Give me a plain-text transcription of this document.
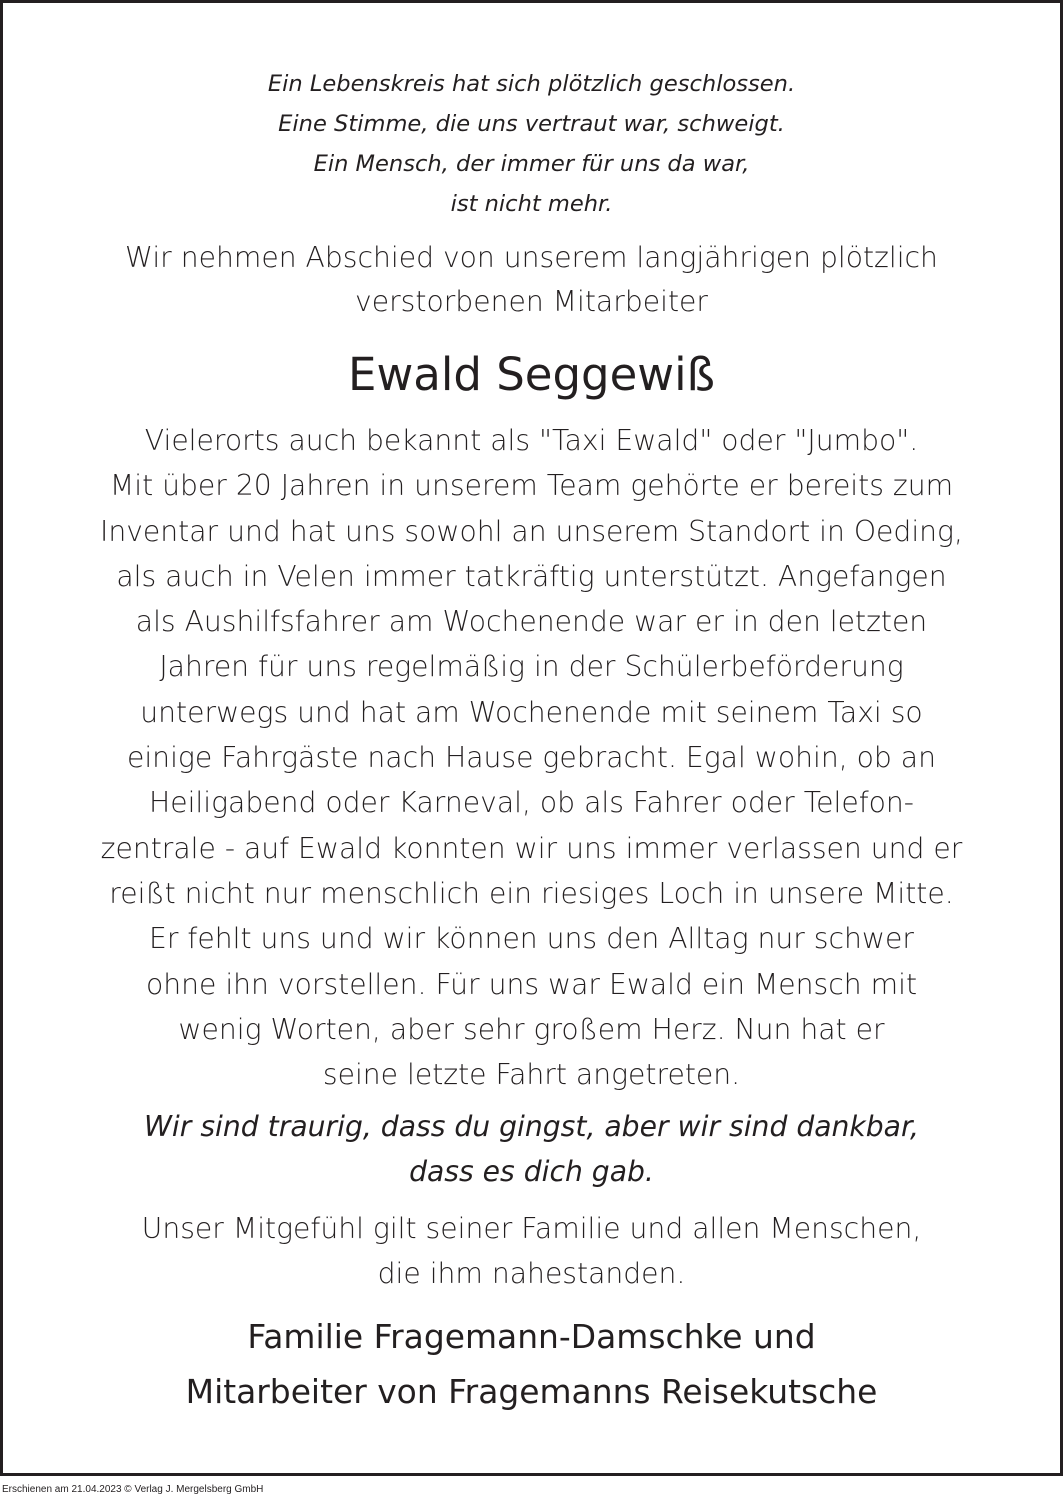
Ein Lebenskreis hat sich plötzlich geschlossen.
Eine Stimme, die uns vertraut war, schweigt.
Ein Mensch, der immer für uns da war,
ist nicht mehr.

Wir nehmen Abschied von unserem langjährigen plötzlich
verstorbenen Mitarbeiter

Ewald Seggewiß

Vielerorts auch bekannt als "Taxi Ewald" oder "Jumbo".
Mit über 20 Jahren in unserem Team gehörte er bereits zum
Inventar und hat uns sowohl an unserem Standort in Oeding,
als auch in Velen immer tatkräftig unterstützt. Angefangen
als Aushilfsfahrer am Wochenende war er in den letzten
Jahren für uns regelmäßig in der Schülerbeförderung
unterwegs und hat am Wochenende mit seinem Taxi so
einige Fahrgäste nach Hause gebracht. Egal wohin, ob an
Heiligabend oder Karneval, ob als Fahrer oder Telefon-
zentrale - auf Ewald konnten wir uns immer verlassen und er
reißt nicht nur menschlich ein riesiges Loch in unsere Mitte.
Er fehlt uns und wir können uns den Alltag nur schwer
ohne ihn vorstellen. Für uns war Ewald ein Mensch mit
wenig Worten, aber sehr großem Herz. Nun hat er
seine letzte Fahrt angetreten.

Wir sind traurig, dass du gingst, aber wir sind dankbar,
dass es dich gab.

Unser Mitgefühl gilt seiner Familie und allen Menschen,
die ihm nahestanden.

Familie Fragemann-Damschke und
Mitarbeiter von Fragemanns Reisekutsche

Erschienen am 21.04.2023 © Verlag J. Mergelsberg GmbH
